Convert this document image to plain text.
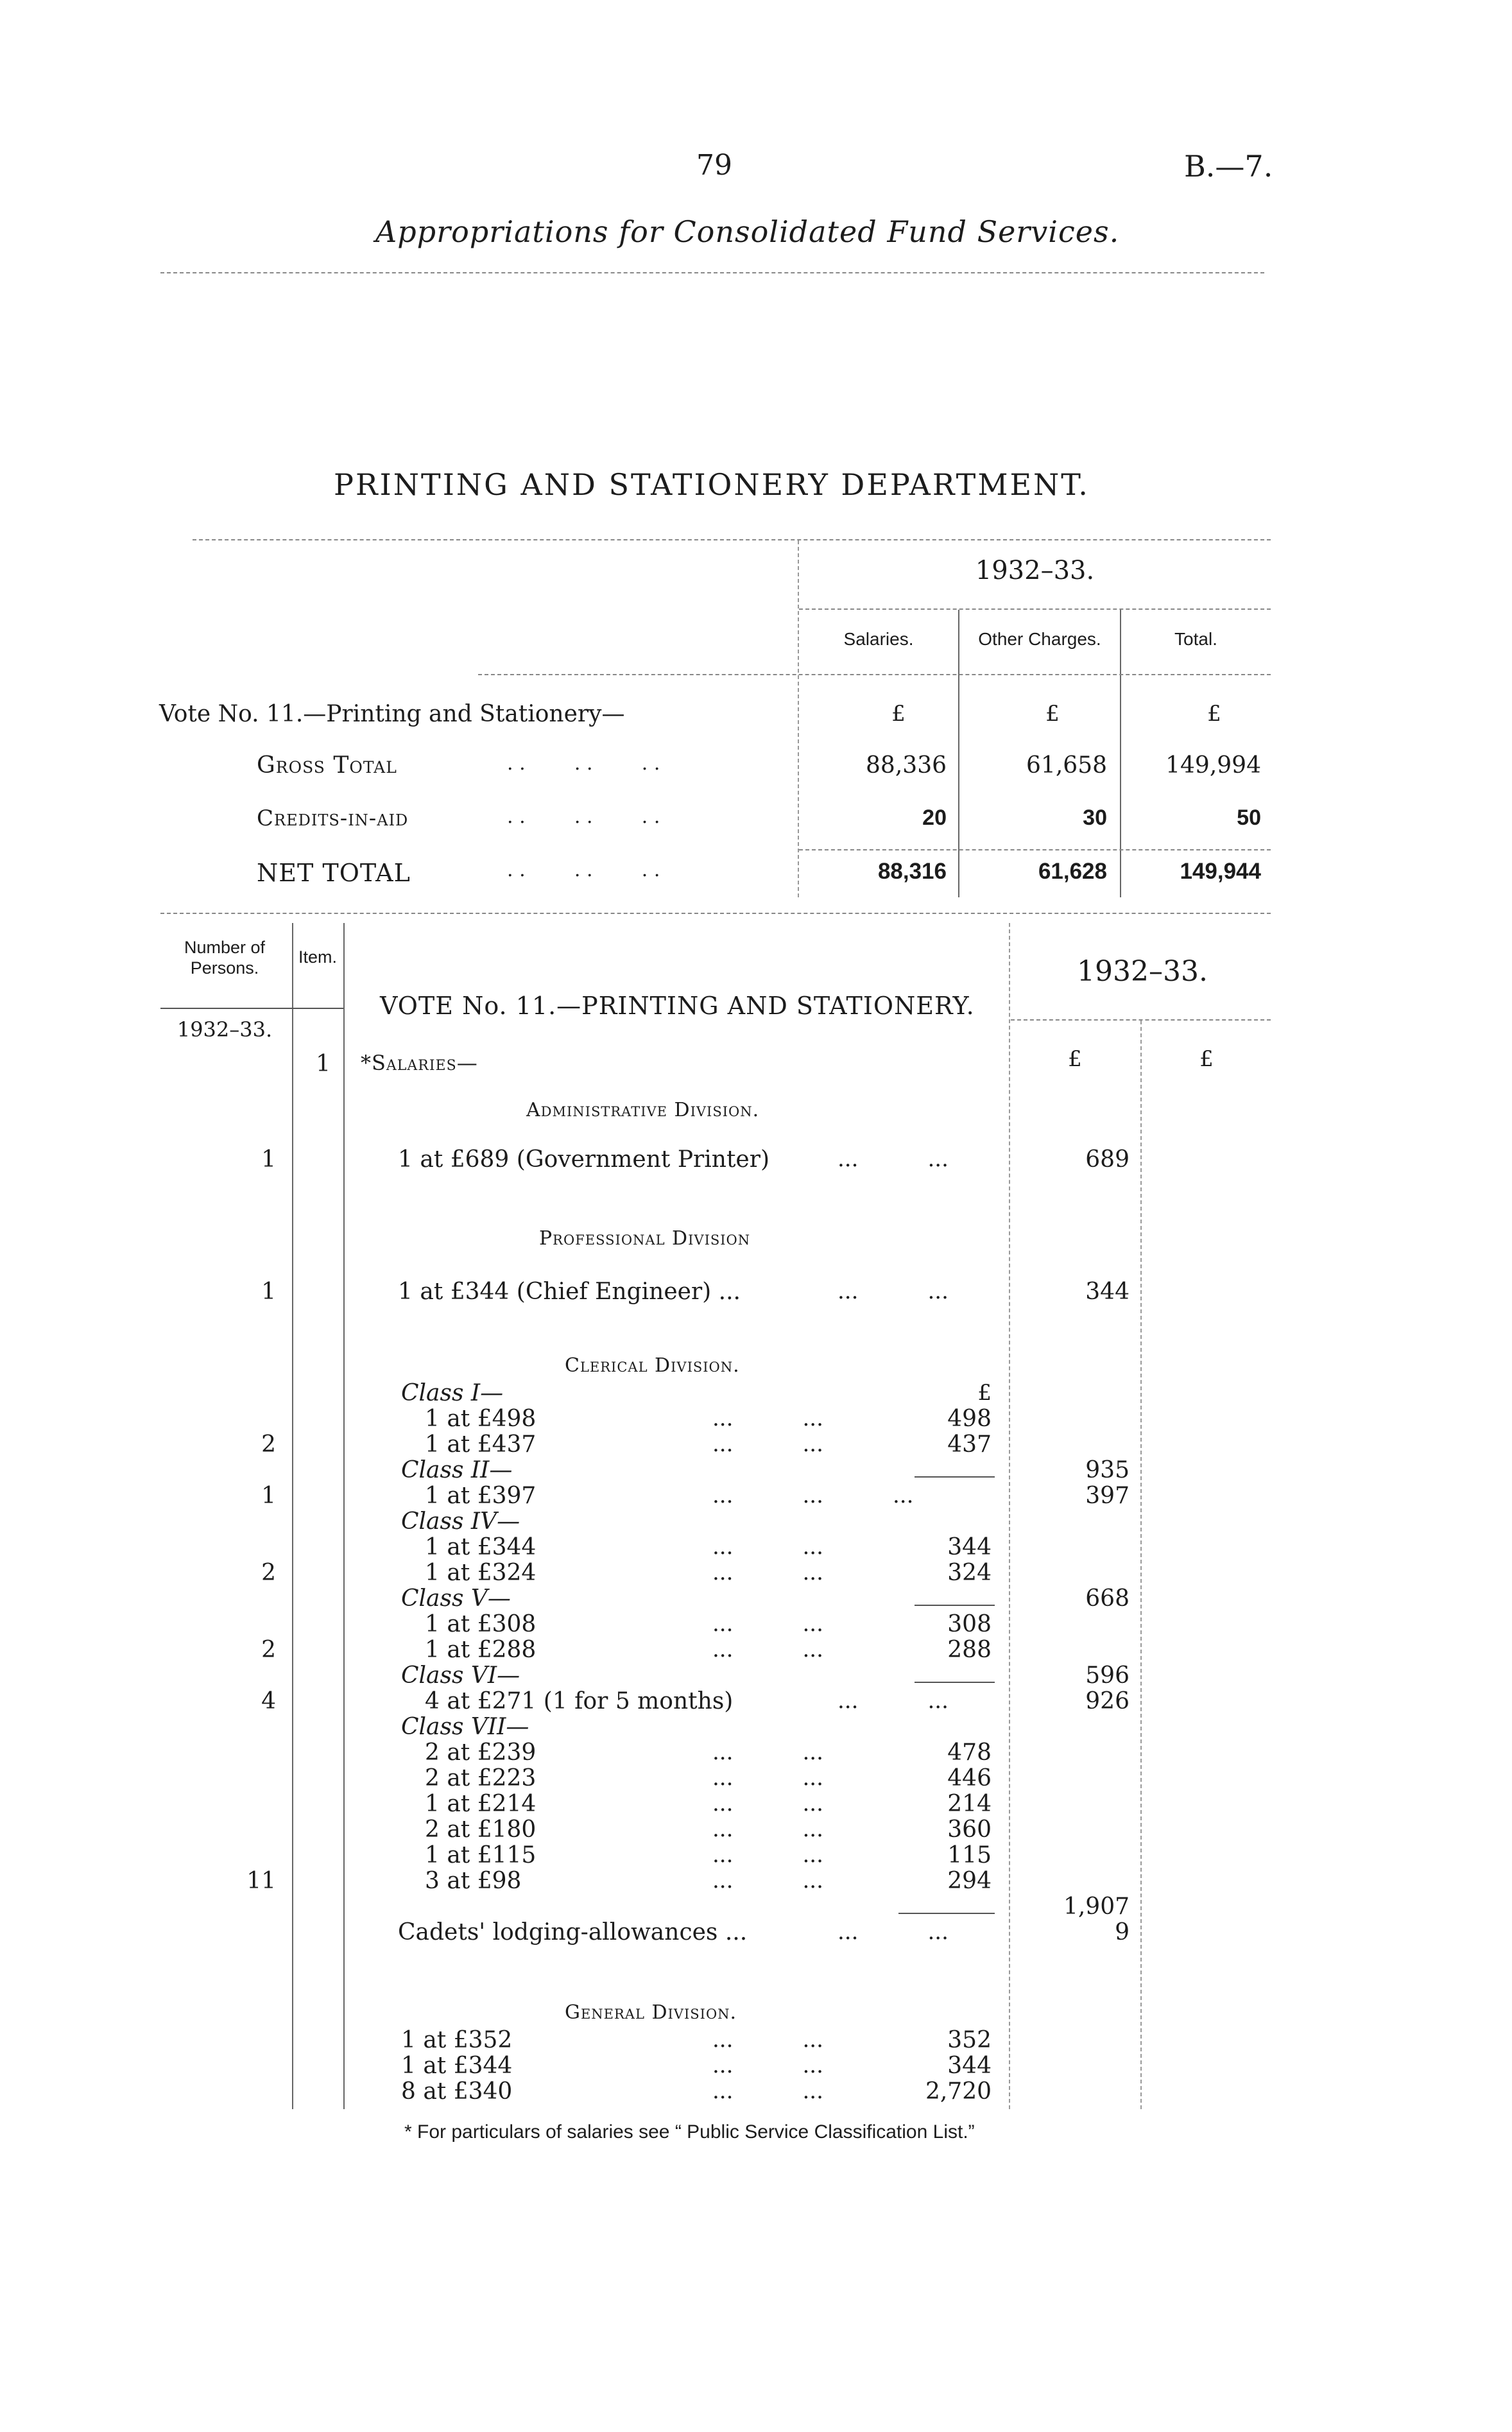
79	B.—7.
Appropriations for Consolidated Fund Services.
PRINTING AND STATIONERY DEPARTMENT.
1932–33.
Salaries.	Other Charges.	Total.
Vote No. 11.—Printing and Stationery—	£	£	£
Gross Total	. .        . .        . .	88,336	61,658	149,994
Credits-in-aid	. .        . .        . .	20	30	50
NET TOTAL	. .        . .        . .	88,316	61,628	149,944
Number of Persons.
Item.
1932–33.
VOTE No. 11.—PRINTING AND STATIONERY.
1932–33.
£	£
1 *Salaries—
Administrative Division.
1	1 at £689 (Government Printer)	...          ...	689
Professional Division
1	1 at £344 (Chief Engineer) ...	...          ...	344
Clerical Division.
£
Class I—
1 at £498	...          ...	498
2	1 at £437	...          ...	437
Class II—	935
1	1 at £397	...          ...          ...	397
Class IV—
1 at £344	...          ...	344
2	1 at £324	...          ...	324
Class V—	668
1 at £308	...          ...	308
2	1 at £288	...          ...	288
Class VI—	596
4	4 at £271 (1 for 5 months)	...          ...	926
Class VII—
2 at £239	...          ...	478
2 at £223	...          ...	446
1 at £214	...          ...	214
2 at £180	...          ...	360
1 at £115	...          ...	115
11	3 at £98	...          ...	294
1,907
Cadets' lodging-allowances ...	...          ...	9
General Division.
1 at £352	...          ...	352
1 at £344	...          ...	344
8 at £340	...          ...	2,720
* For particulars of salaries see “ Public Service Classification List.”
